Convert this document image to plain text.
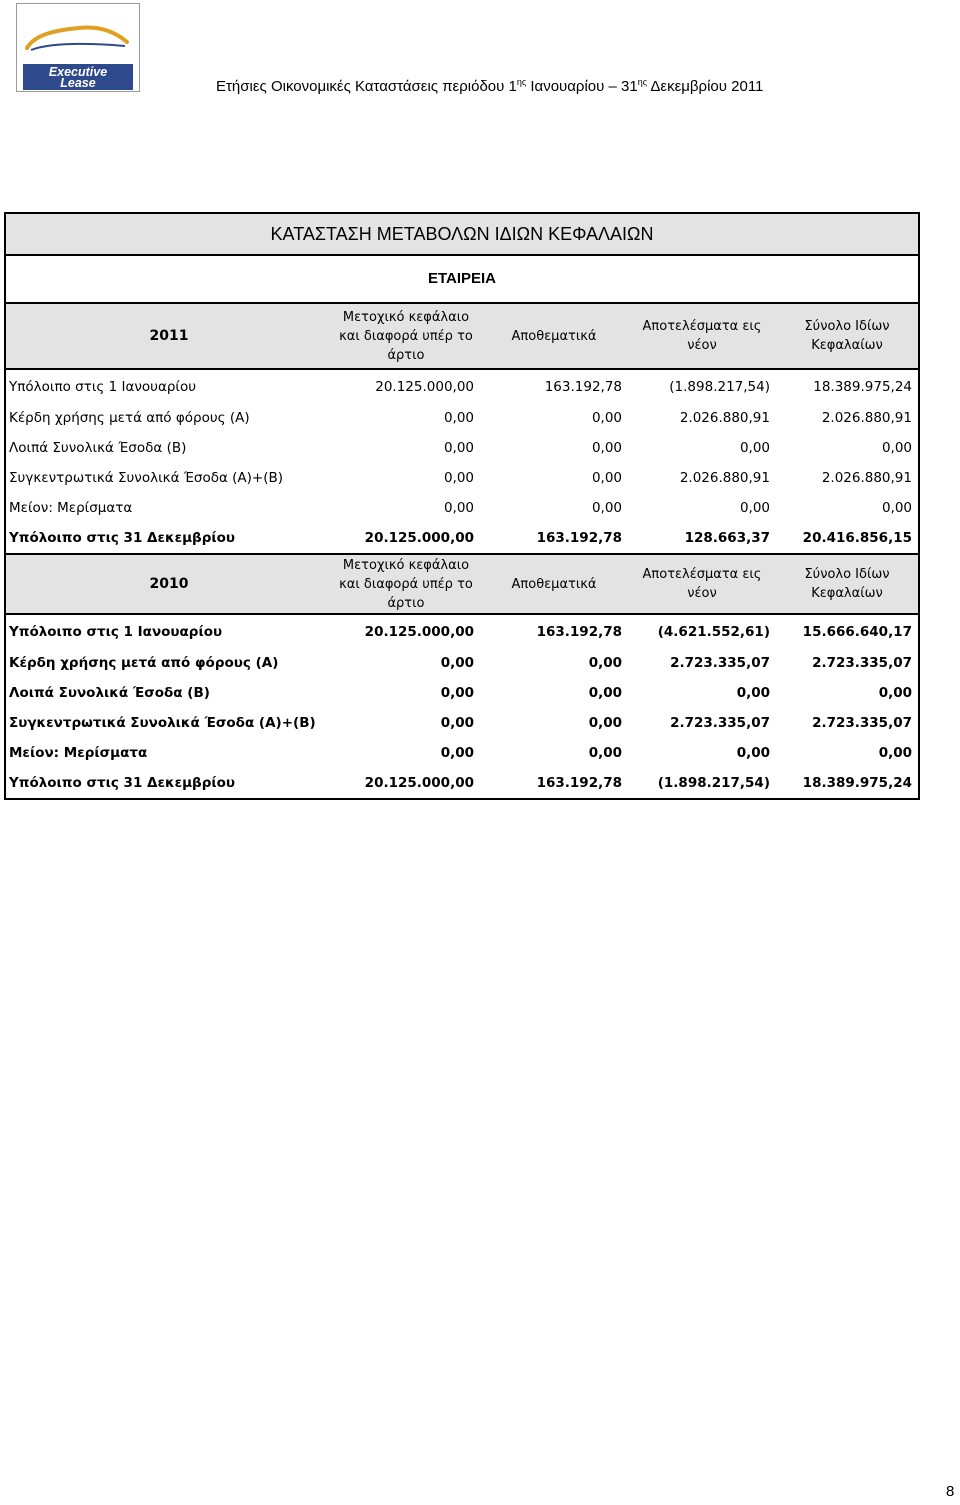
Executive
Lease	Ετήσιες Οικονομικές Καταστάσεις περιόδου $1^{\eta\varsigma}$ Ιανουαρίου – $31^{\eta\varsigma}$ Δεκεμβρίου 2011
ΚΑΤΑΣΤΑΣΗ ΜΕΤΑΒΟΛΩΝ ΙΔΙΩΝ ΚΕΦΑΛΑΙΩΝ
ΕΤΑΙΡΕΙΑ
2011	Μετοχικό κεφάλαιο και διαφορά υπέρ το άρτιο	Αποθεματικά	Αποτελέσματα εις νέον	Σύνολο Ιδίων Κεφαλαίων
Υπόλοιπο στις 1 Ιανουαρίου	20.125.000,00	163.192,78	(1.898.217,54)	18.389.975,24
Κέρδη χρήσης μετά από φόρους (Α)	0,00	0,00	2.026.880,91	2.026.880,91
Λοιπά Συνολικά Έσοδα (Β)	0,00	0,00	0,00	0,00
Συγκεντρωτικά Συνολικά Έσοδα (Α)+(Β)	0,00	0,00	2.026.880,91	2.026.880,91
Μείον: Μερίσματα	0,00	0,00	0,00	0,00
Υπόλοιπο στις 31 Δεκεμβρίου	20.125.000,00	163.192,78	128.663,37	20.416.856,15
2010	Μετοχικό κεφάλαιο και διαφορά υπέρ το άρτιο	Αποθεματικά	Αποτελέσματα εις νέον	Σύνολο Ιδίων Κεφαλαίων
Υπόλοιπο στις 1 Ιανουαρίου	20.125.000,00	163.192,78	(4.621.552,61)	15.666.640,17
Κέρδη χρήσης μετά από φόρους (Α)	0,00	0,00	2.723.335,07	2.723.335,07
Λοιπά Συνολικά Έσοδα (Β)	0,00	0,00	0,00	0,00
Συγκεντρωτικά Συνολικά Έσοδα (Α)+(Β)	0,00	0,00	2.723.335,07	2.723.335,07
Μείον: Μερίσματα	0,00	0,00	0,00	0,00
Υπόλοιπο στις 31 Δεκεμβρίου	20.125.000,00	163.192,78	(1.898.217,54)	18.389.975,24
8
